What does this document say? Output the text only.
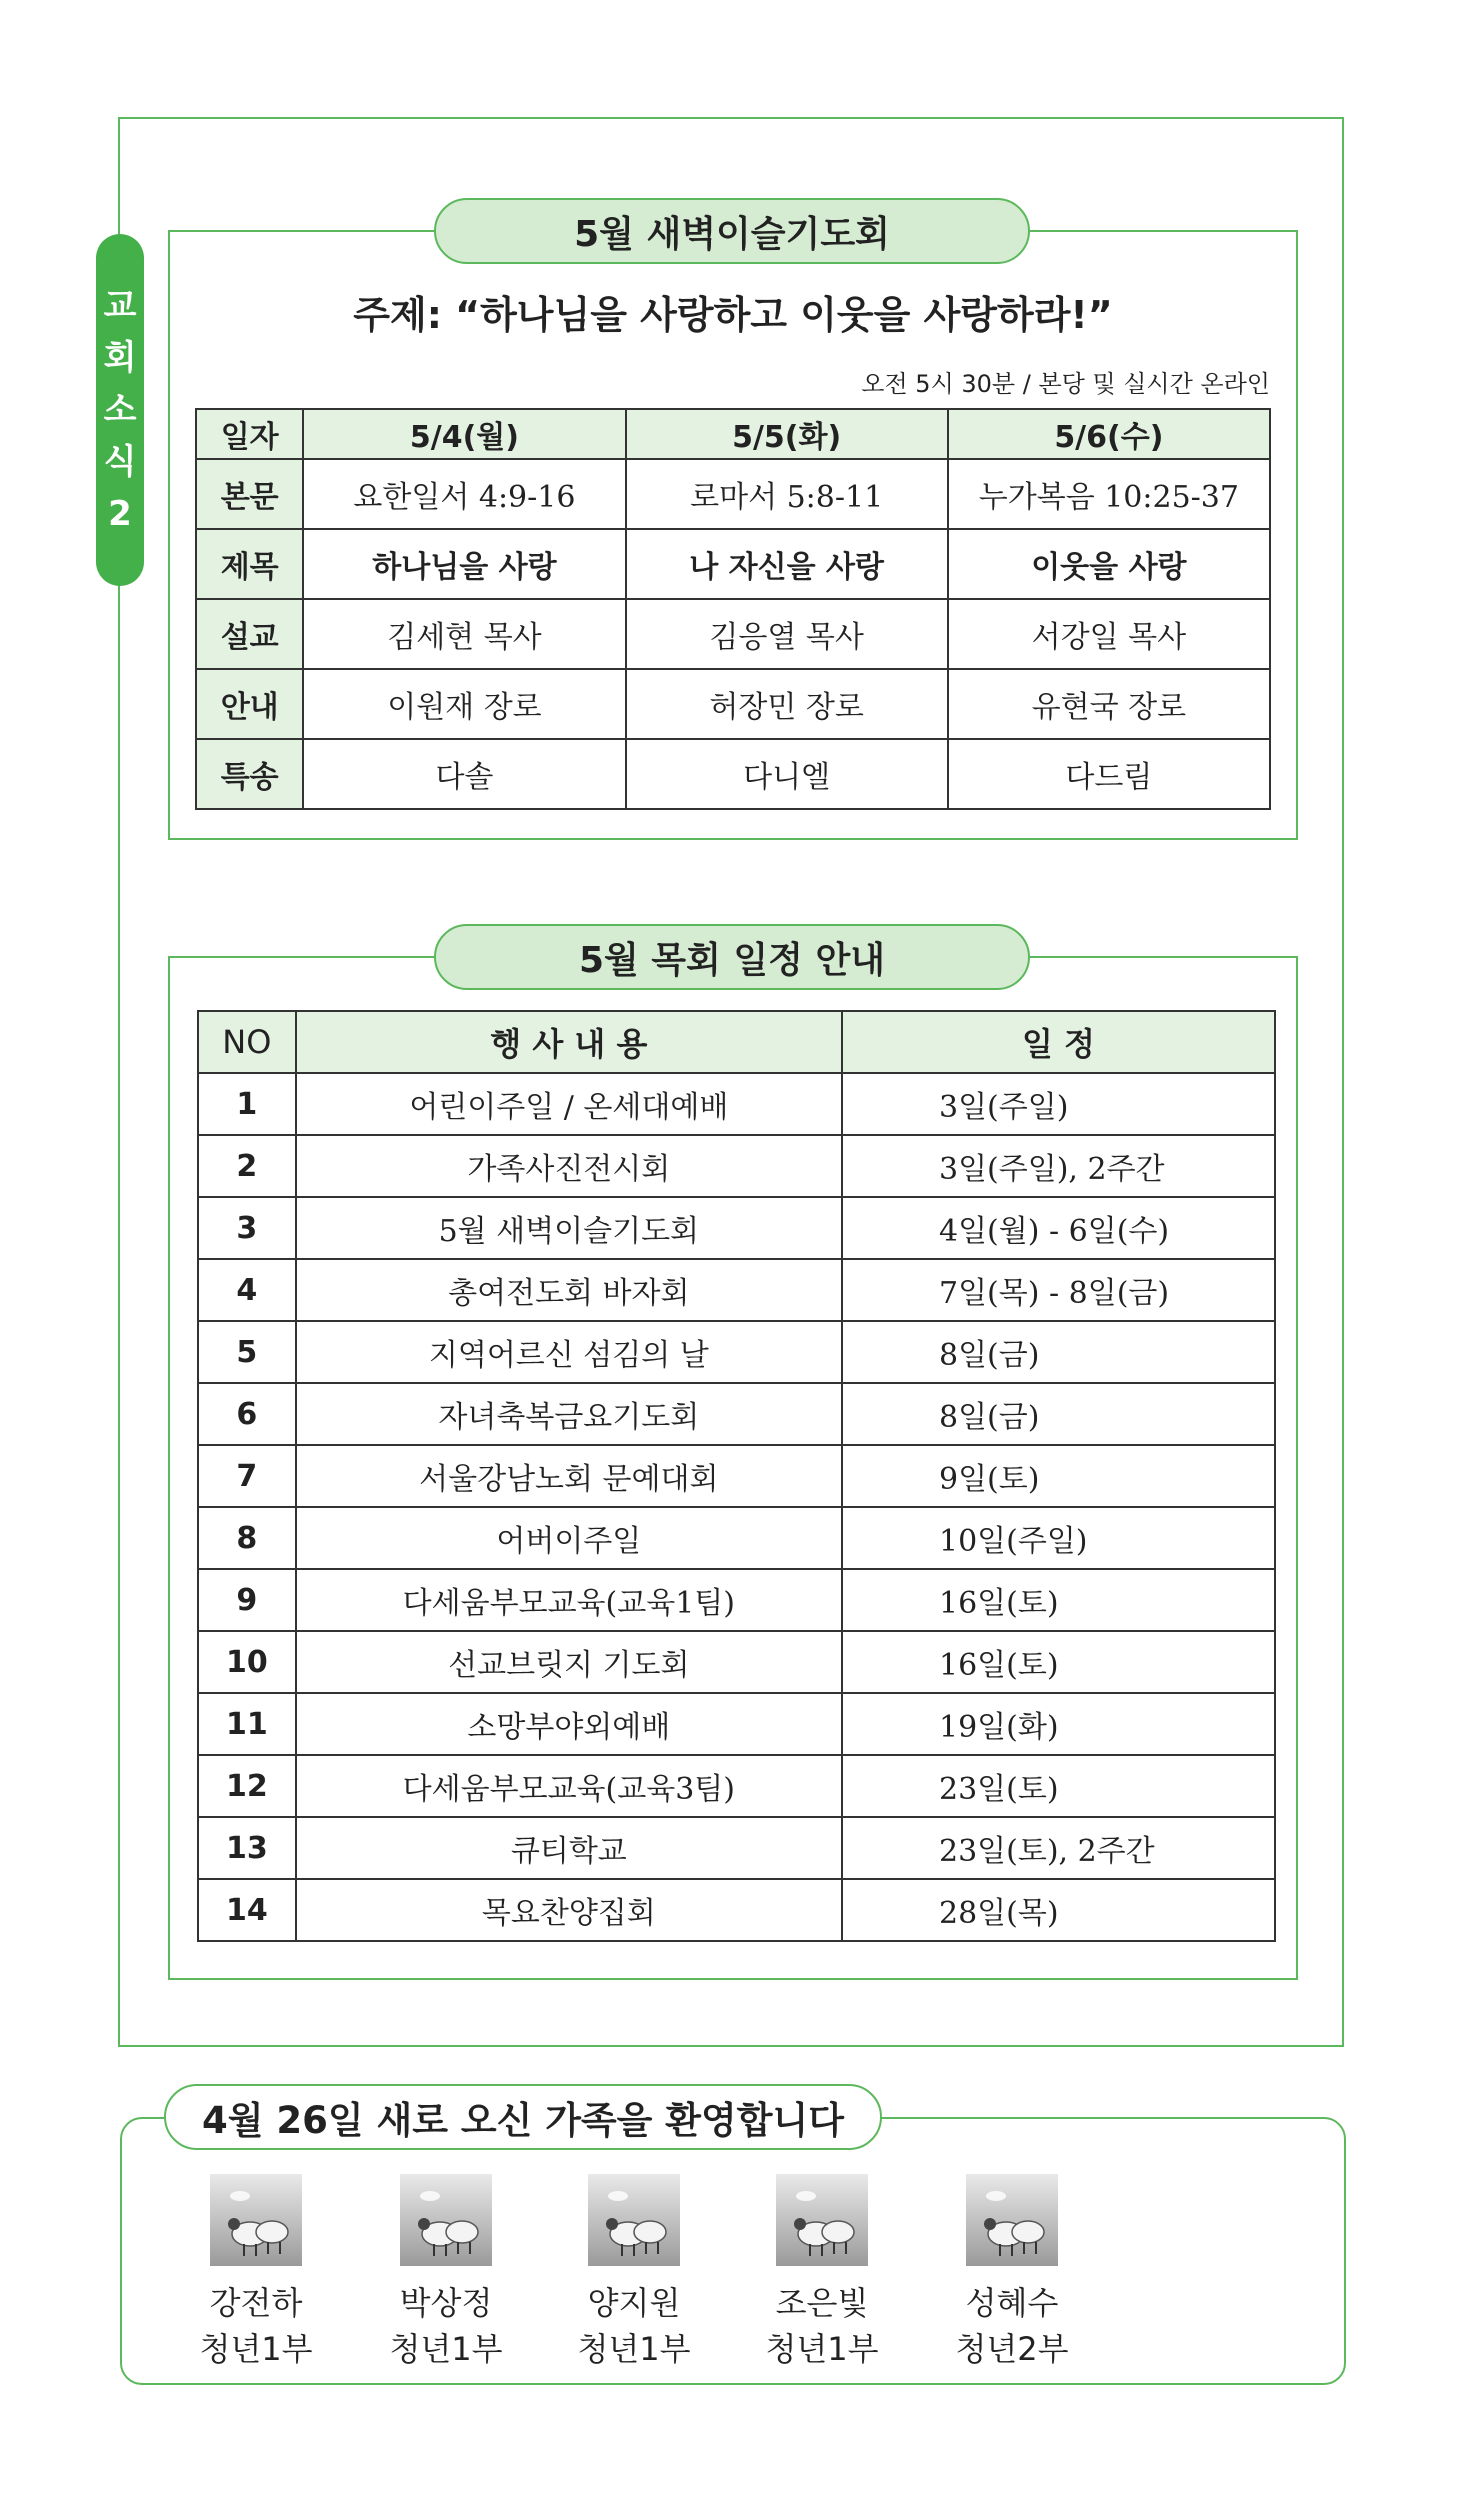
교
회
소
식
2
5월 새벽이슬기도회
주제: “하나님을 사랑하고 이웃을 사랑하라!”
오전 5시 30분 / 본당 및 실시간 온라인
일자	5/4(월)	5/5(화)	5/6(수)
본문	요한일서 4:9-16	로마서 5:8-11	누가복음 10:25-37
제목	하나님을 사랑	나 자신을 사랑	이웃을 사랑
설교	김세현 목사	김응열 목사	서강일 목사
안내	이원재 장로	허장민 장로	유현국 장로
특송	다솔	다니엘	다드림
5월 목회 일정 안내
NO	행 사 내 용	일 정
1	어린이주일 / 온세대예배	3일(주일)
2	가족사진전시회	3일(주일), 2주간
3	5월 새벽이슬기도회	4일(월) - 6일(수)
4	총여전도회 바자회	7일(목) - 8일(금)
5	지역어르신 섬김의 날	8일(금)
6	자녀축복금요기도회	8일(금)
7	서울강남노회 문예대회	9일(토)
8	어버이주일	10일(주일)
9	다세움부모교육(교육1팀)	16일(토)
10	선교브릿지 기도회	16일(토)
11	소망부야외예배	19일(화)
12	다세움부모교육(교육3팀)	23일(토)
13	큐티학교	23일(토), 2주간
14	목요찬양집회	28일(목)
4월 26일 새로 오신 가족을 환영합니다
강전하
청년1부
박상정
청년1부
양지원
청년1부
조은빛
청년1부
성혜수
청년2부
